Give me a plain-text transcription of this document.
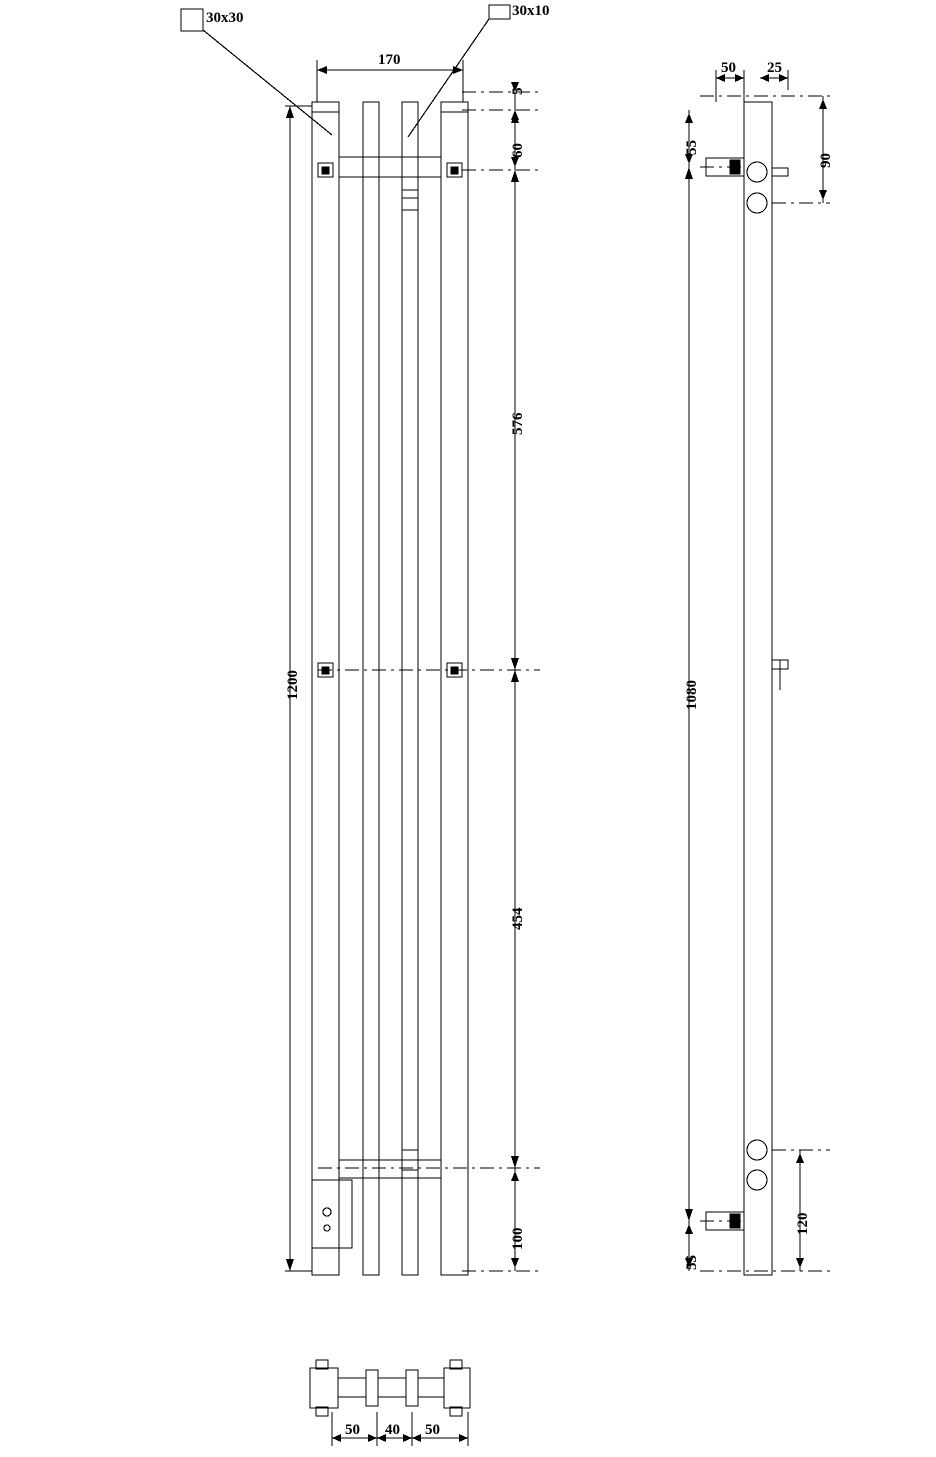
30x30	30x10
170
1200
5
60
576
454
100
50 25
55
90
1080
55
120
50 40 50
